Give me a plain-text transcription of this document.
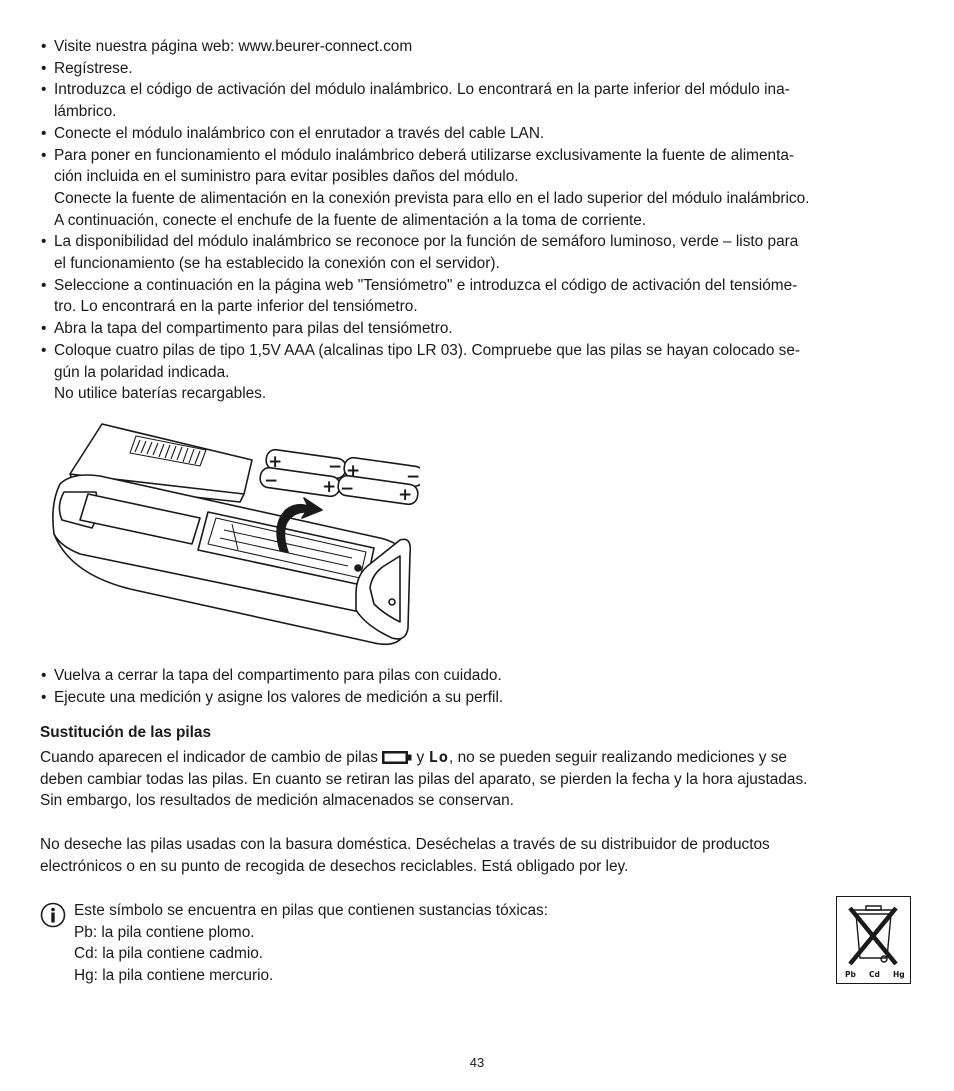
• Visite nuestra página web: www.beurer-connect.com
• Regístrese.
• Introduzca el código de activación del módulo inalámbrico. Lo encontrará en la parte inferior del módulo ina-
lámbrico.
• Conecte el módulo inalámbrico con el enrutador a través del cable LAN.
• Para poner en funcionamiento el módulo inalámbrico deberá utilizarse exclusivamente la fuente de alimenta-
ción incluida en el suministro para evitar posibles daños del módulo.
Conecte la fuente de alimentación en la conexión prevista para ello en el lado superior del módulo inalámbrico.
A continuación, conecte el enchufe de la fuente de alimentación a la toma de corriente.
• La disponibilidad del módulo inalámbrico se reconoce por la función de semáforo luminoso, verde – listo para
el funcionamiento (se ha establecido la conexión con el servidor).
• Seleccione a continuación en la página web "Tensiómetro" e introduzca el código de activación del tensióme-
tro. Lo encontrará en la parte inferior del tensiómetro.
• Abra la tapa del compartimento para pilas del tensiómetro.
• Coloque cuatro pilas de tipo 1,5V AAA (alcalinas tipo LR 03). Compruebe que las pilas se hayan colocado se-
gún la polaridad indicada.
No utilice baterías recargables.
+	− +	−
−	+ −	+
• Vuelva a cerrar la tapa del compartimento para pilas con cuidado.
• Ejecute una medición y asigne los valores de medición a su perfil.
Sustitución de las pilas
Cuando aparecen el indicador de cambio de pilas  y Lo, no se pueden seguir realizando mediciones y se
deben cambiar todas las pilas. En cuanto se retiran las pilas del aparato, se pierden la fecha y la hora ajustadas.
Sin embargo, los resultados de medición almacenados se conservan.
No deseche las pilas usadas con la basura doméstica. Deséchelas a través de su distribuidor de productos
electrónicos o en su punto de recogida de desechos reciclables. Está obligado por ley.
Este símbolo se encuentra en pilas que contienen sustancias tóxicas:
Pb: la pila contiene plomo.
Cd: la pila contiene cadmio.
Hg: la pila contiene mercurio.	Pb Cd Hg
43
